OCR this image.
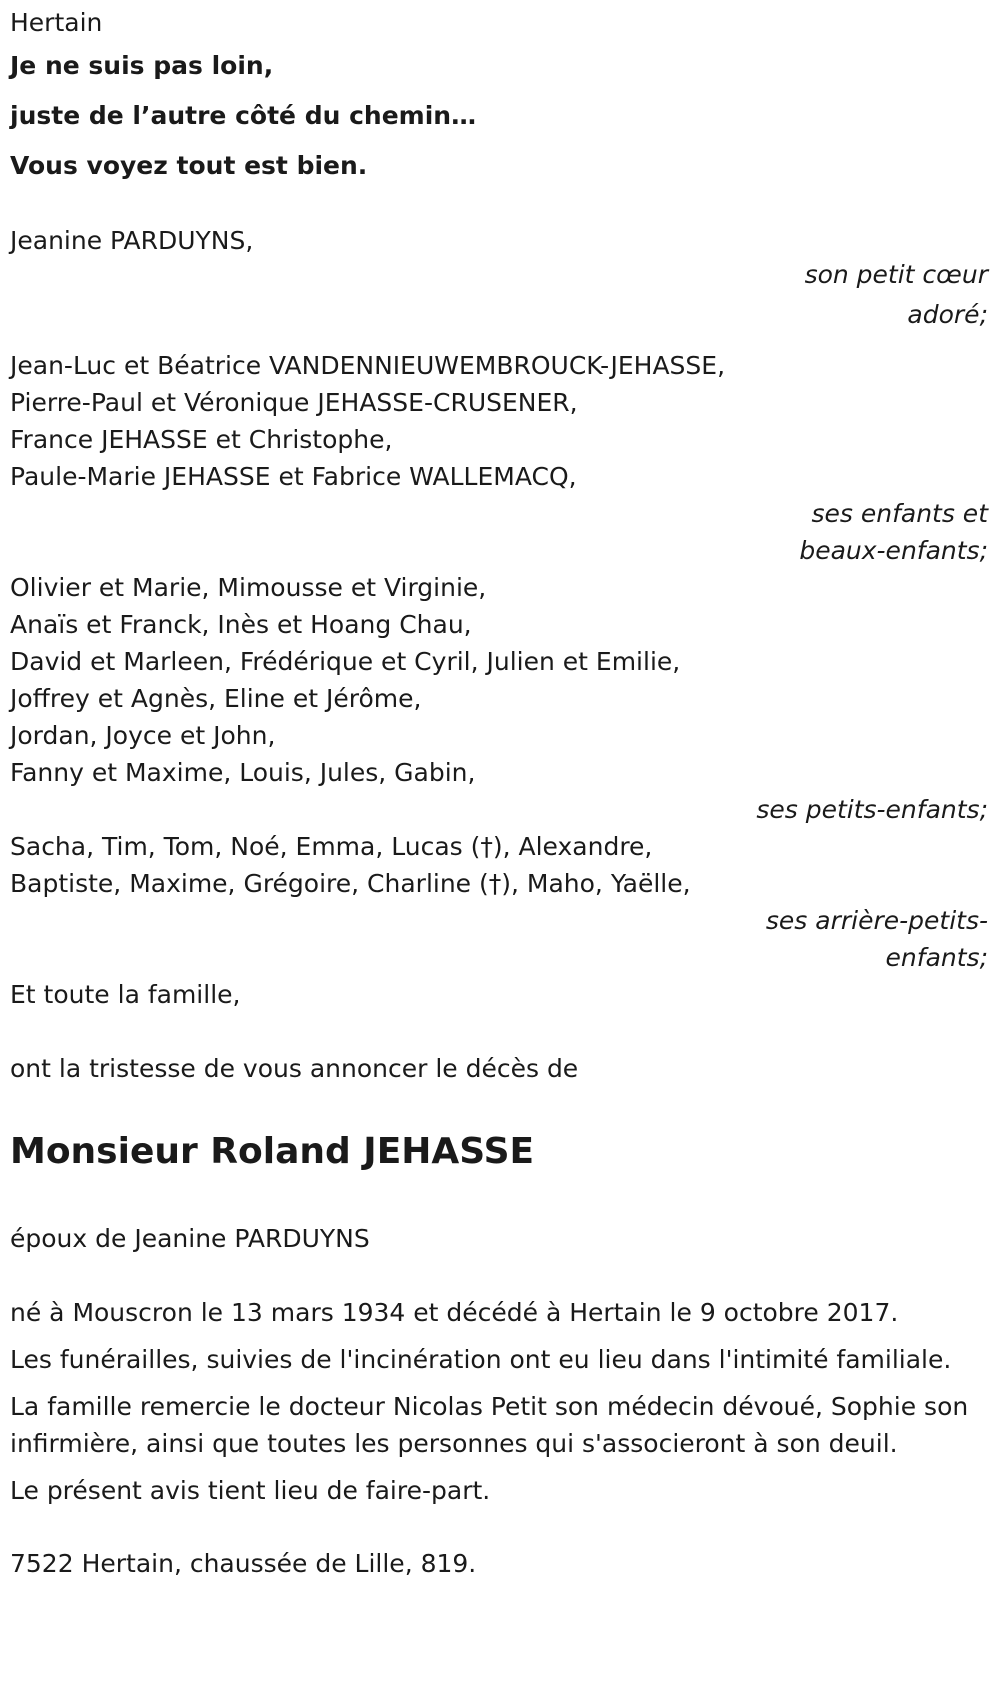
Hertain
Je ne suis pas loin,
juste de l’autre côté du chemin…
Vous voyez tout est bien.
Jeanine PARDUYNS,
son petit cœur
adoré;
Jean-Luc et Béatrice VANDENNIEUWEMBROUCK-JEHASSE,
Pierre-Paul et Véronique JEHASSE-CRUSENER,
France JEHASSE et Christophe,
Paule-Marie JEHASSE et Fabrice WALLEMACQ,
ses enfants et
beaux-enfants;
Olivier et Marie, Mimousse et Virginie,
Anaïs et Franck, Inès et Hoang Chau,
David et Marleen, Frédérique et Cyril, Julien et Emilie,
Joffrey et Agnès, Eline et Jérôme,
Jordan, Joyce et John,
Fanny et Maxime, Louis, Jules, Gabin,
ses petits-enfants;
Sacha, Tim, Tom, Noé, Emma, Lucas (†), Alexandre,
Baptiste, Maxime, Grégoire, Charline (†), Maho, Yaëlle,
ses arrière-petits-
enfants;
Et toute la famille,
ont la tristesse de vous annoncer le décès de
Monsieur Roland JEHASSE
époux de Jeanine PARDUYNS
né à Mouscron le 13 mars 1934 et décédé à Hertain le 9 octobre 2017.
Les funérailles, suivies de l'incinération ont eu lieu dans l'intimité familiale.
La famille remercie le docteur Nicolas Petit son médecin dévoué, Sophie son infirmière, ainsi que toutes les personnes qui s'associeront à son deuil.
Le présent avis tient lieu de faire-part.
7522 Hertain, chaussée de Lille, 819.
